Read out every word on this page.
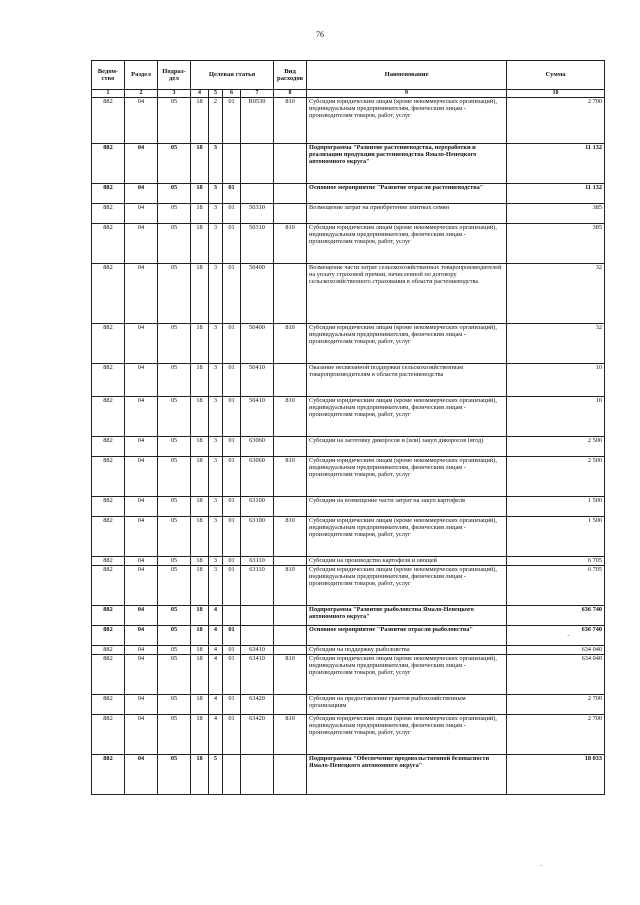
76
Ведом-ство	Раздел	Подраз-дел	Целевая статья				Вид расходов	Наименование	Сумма
1	2	3	4	5	6	7	8	9	10
882	04	05	18	2	01	R0530	810	Субсидии юридическим лицам (кроме некоммерческих организаций), индивидуальным предпринимателям, физическим лицам - производителям товаров, работ, услуг	2 700
882	04	05	18	3				Подпрограмма "Развитие растениеводства, переработки и реализации продукции растениеводства Ямало-Ненецкого автономного округа"	11 132
882	04	05	18	3	01			Основное мероприятие "Развитие отрасли растениеводства"	11 132
882	04	05	18	3	01	50310		Возмещение затрат на приобретение элитных семян	385
882	04	05	18	3	01	50310	810	Субсидии юридическим лицам (кроме некоммерческих организаций), индивидуальным предпринимателям, физическим лицам - производителям товаров, работ, услуг	385
882	04	05	18	3	01	50400		Возмещение части затрат сельскохозяйственных товаропроизводителей на уплату страховой премии, начисленной по договору сельскохозяйственного страхования в области растениеводства	32
882	04	05	18	3	01	50400	810	Субсидии юридическим лицам (кроме некоммерческих организаций), индивидуальным предпринимателям, физическим лицам - производителям товаров, работ, услуг	32
882	04	05	18	3	01	50410		Оказание несвязанной поддержки сельскохозяйственным товаропроизводителям в области растениеводства	10
882	04	05	18	3	01	50410	810	Субсидии юридическим лицам (кроме некоммерческих организаций), индивидуальным предпринимателям, физическим лицам - производителям товаров, работ, услуг	10
882	04	05	18	3	01	63060		Субсидии на заготовку дикоросов и (или) закуп дикоросов (ягод)	2 500
882	04	05	18	3	01	63060	810	Субсидии юридическим лицам (кроме некоммерческих организаций), индивидуальным предпринимателям, физическим лицам - производителям товаров, работ, услуг	2 500
882	04	05	18	3	01	63100		Субсидии на возмещение части затрат на закуп картофеля	1 500
882	04	05	18	3	01	63100	810	Субсидии юридическим лицам (кроме некоммерческих организаций), индивидуальным предпринимателям, физическим лицам - производителям товаров, работ, услуг	1 500
882	04	05	18	3	01	63110		Субсидии на производство картофеля и овощей	6 705
882	04	05	18	3	01	63110	810	Субсидии юридическим лицам (кроме некоммерческих организаций), индивидуальным предпринимателям, физическим лицам - производителям товаров, работ, услуг	6 705
882	04	05	18	4				Подпрограмма "Развитие рыболовства Ямало-Ненецкого автономного округа"	636 740
882	04	05	18	4	01			Основное мероприятие "Развитие отрасли рыболовства"	636 740
882	04	05	18	4	01	63410		Субсидии на поддержку рыболовства	634 040
882	04	05	18	4	01	63410	810	Субсидии юридическим лицам (кроме некоммерческих организаций), индивидуальным предпринимателям, физическим лицам - производителям товаров, работ, услуг	634 040
882	04	05	18	4	01	63420		Субсидии на предоставление грантов рыбохозяйственным организациям	2 700
882	04	05	18	4	01	63420	810	Субсидии юридическим лицам (кроме некоммерческих организаций), индивидуальным предпринимателям, физическим лицам - производителям товаров, работ, услуг	2 700
882	04	05	18	5				Подпрограмма "Обеспечение продовольственной безопасности Ямало-Ненецкого автономного округа"	18 033
·
·
